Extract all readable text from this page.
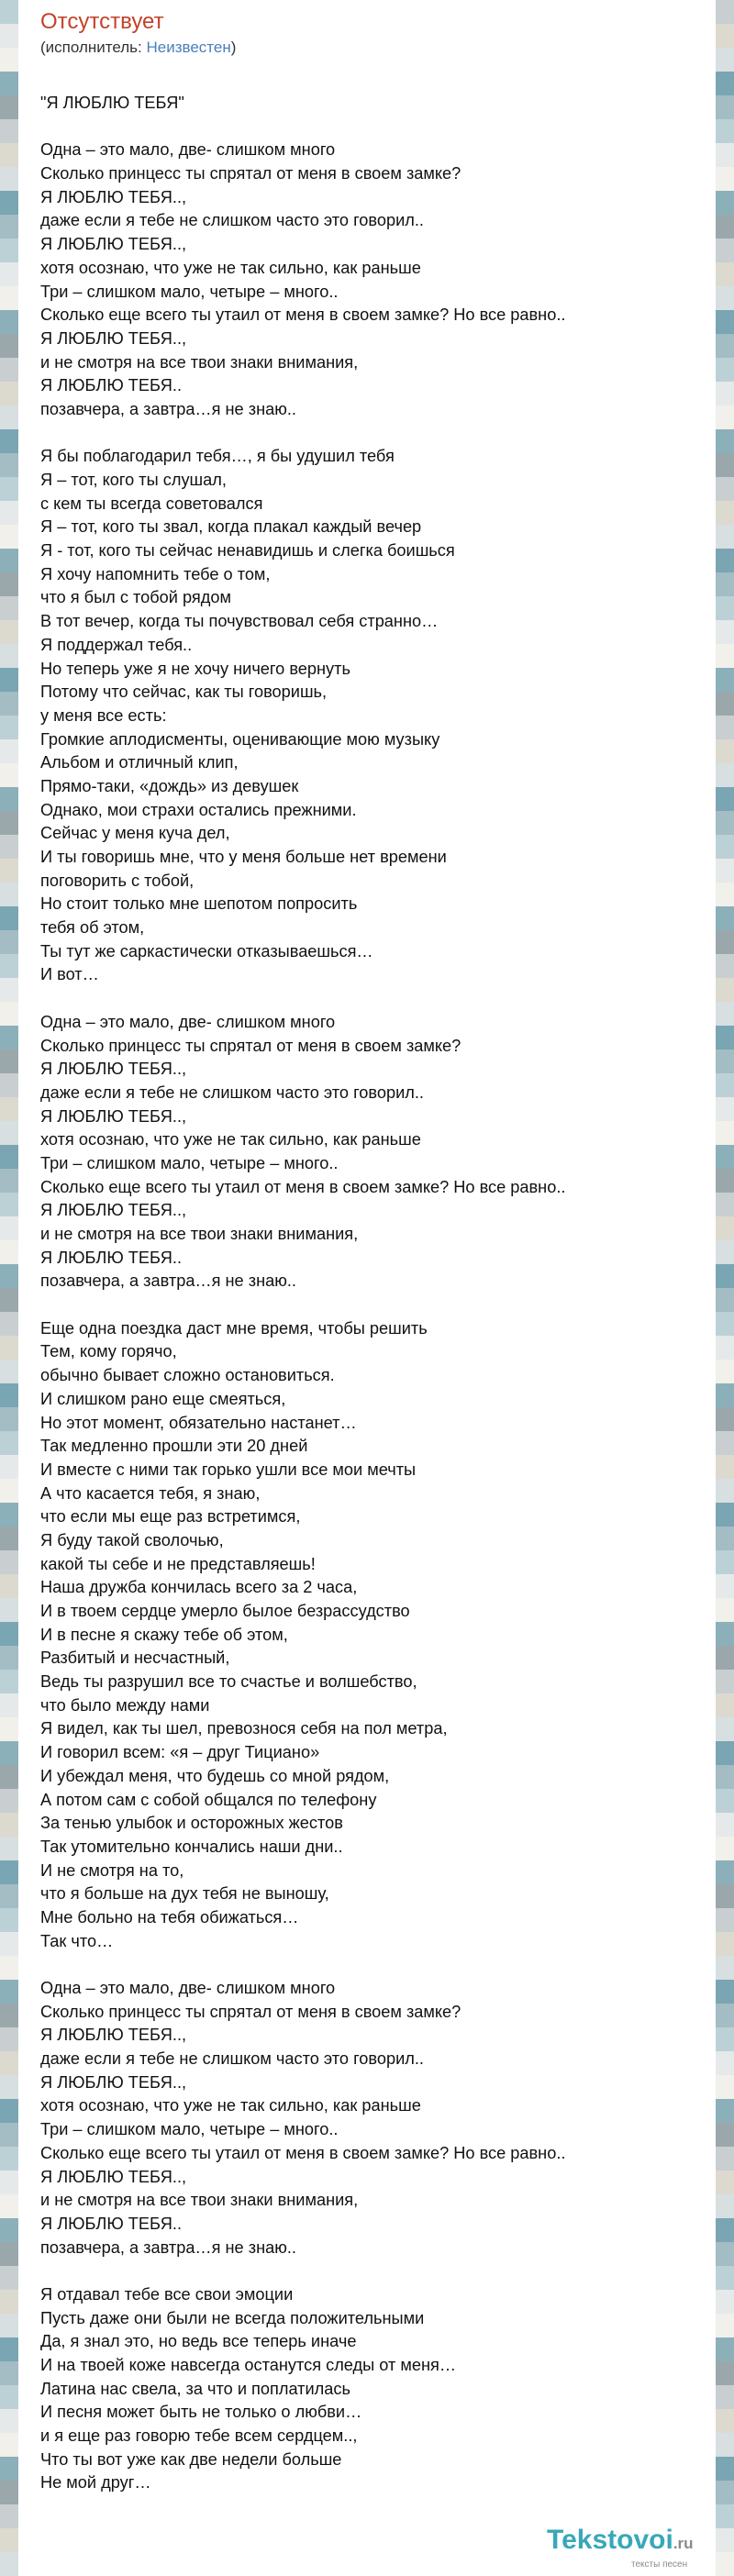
Отсутствует
(исполнитель: Неизвестен)
"Я ЛЮБЛЮ ТЕБЯ"
Одна – это мало, две- слишком много
Сколько принцесс ты спрятал от меня в своем замке?
Я ЛЮБЛЮ ТЕБЯ..,
даже если я тебе не слишком часто это говорил..
Я ЛЮБЛЮ ТЕБЯ..,
хотя осознаю, что уже не так сильно, как раньше
Три – слишком мало, четыре – много..
Сколько еще всего ты утаил от меня в своем замке? Но все равно..
Я ЛЮБЛЮ ТЕБЯ..,
и не смотря на все твои знаки внимания,
Я ЛЮБЛЮ ТЕБЯ..
позавчера, а завтра…я не знаю..
Я бы поблагодарил тебя…, я бы удушил тебя
Я – тот, кого ты слушал,
с кем ты всегда советовался
Я – тот, кого ты звал, когда плакал каждый вечер
Я - тот, кого ты сейчас ненавидишь и слегка боишься
Я хочу напомнить тебе о том,
что я был с тобой рядом
В тот вечер, когда ты почувствовал себя странно…
Я поддержал тебя..
Но теперь уже я не хочу ничего вернуть
Потому что сейчас, как ты говоришь,
у меня все есть:
Громкие аплодисменты, оценивающие мою музыку
Альбом и отличный клип,
Прямо-таки, «дождь» из девушек
Однако, мои страхи остались прежними.
Сейчас у меня куча дел,
И ты говоришь мне, что у меня больше нет времени
поговорить с тобой,
Но стоит только мне шепотом попросить
тебя об этом,
Ты тут же саркастически отказываешься…
И вот…
Одна – это мало, две- слишком много
Сколько принцесс ты спрятал от меня в своем замке?
Я ЛЮБЛЮ ТЕБЯ..,
даже если я тебе не слишком часто это говорил..
Я ЛЮБЛЮ ТЕБЯ..,
хотя осознаю, что уже не так сильно, как раньше
Три – слишком мало, четыре – много..
Сколько еще всего ты утаил от меня в своем замке? Но все равно..
Я ЛЮБЛЮ ТЕБЯ..,
и не смотря на все твои знаки внимания,
Я ЛЮБЛЮ ТЕБЯ..
позавчера, а завтра…я не знаю..
Еще одна поездка даст мне время, чтобы решить
Тем, кому горячо,
обычно бывает сложно остановиться.
И слишком рано еще смеяться,
Но этот момент, обязательно настанет…
Так медленно прошли эти 20 дней
И вместе с ними так горько ушли все мои мечты
А что касается тебя, я знаю,
что если мы еще раз встретимся,
Я буду такой сволочью,
какой ты себе и не представляешь!
Наша дружба кончилась всего за 2 часа,
И в твоем сердце умерло былое безрассудство
И в песне я скажу тебе об этом,
Разбитый и несчастный,
Ведь ты разрушил все то счастье и волшебство,
что было между нами
Я видел, как ты шел, превознося себя на пол метра,
И говорил всем: «я – друг Тициано»
И убеждал меня, что будешь со мной рядом,
А потом сам с собой общался по телефону
За тенью улыбок и осторожных жестов
Так утомительно кончались наши дни..
И не смотря на то,
что я больше на дух тебя не выношу,
Мне больно на тебя обижаться…
Так что…
Одна – это мало, две- слишком много
Сколько принцесс ты спрятал от меня в своем замке?
Я ЛЮБЛЮ ТЕБЯ..,
даже если я тебе не слишком часто это говорил..
Я ЛЮБЛЮ ТЕБЯ..,
хотя осознаю, что уже не так сильно, как раньше
Три – слишком мало, четыре – много..
Сколько еще всего ты утаил от меня в своем замке? Но все равно..
Я ЛЮБЛЮ ТЕБЯ..,
и не смотря на все твои знаки внимания,
Я ЛЮБЛЮ ТЕБЯ..
позавчера, а завтра…я не знаю..
Я отдавал тебе все свои эмоции
Пусть даже они были не всегда положительными
Да, я знал это, но ведь все теперь иначе
И на твоей коже навсегда останутся следы от меня…
Латина нас свела, за что и поплатилась
И песня может быть не только о любви…
и я еще раз говорю тебе всем сердцем..,
Что ты вот уже как две недели больше
Не мой друг…
Tekstovoi.ru
тексты песен
